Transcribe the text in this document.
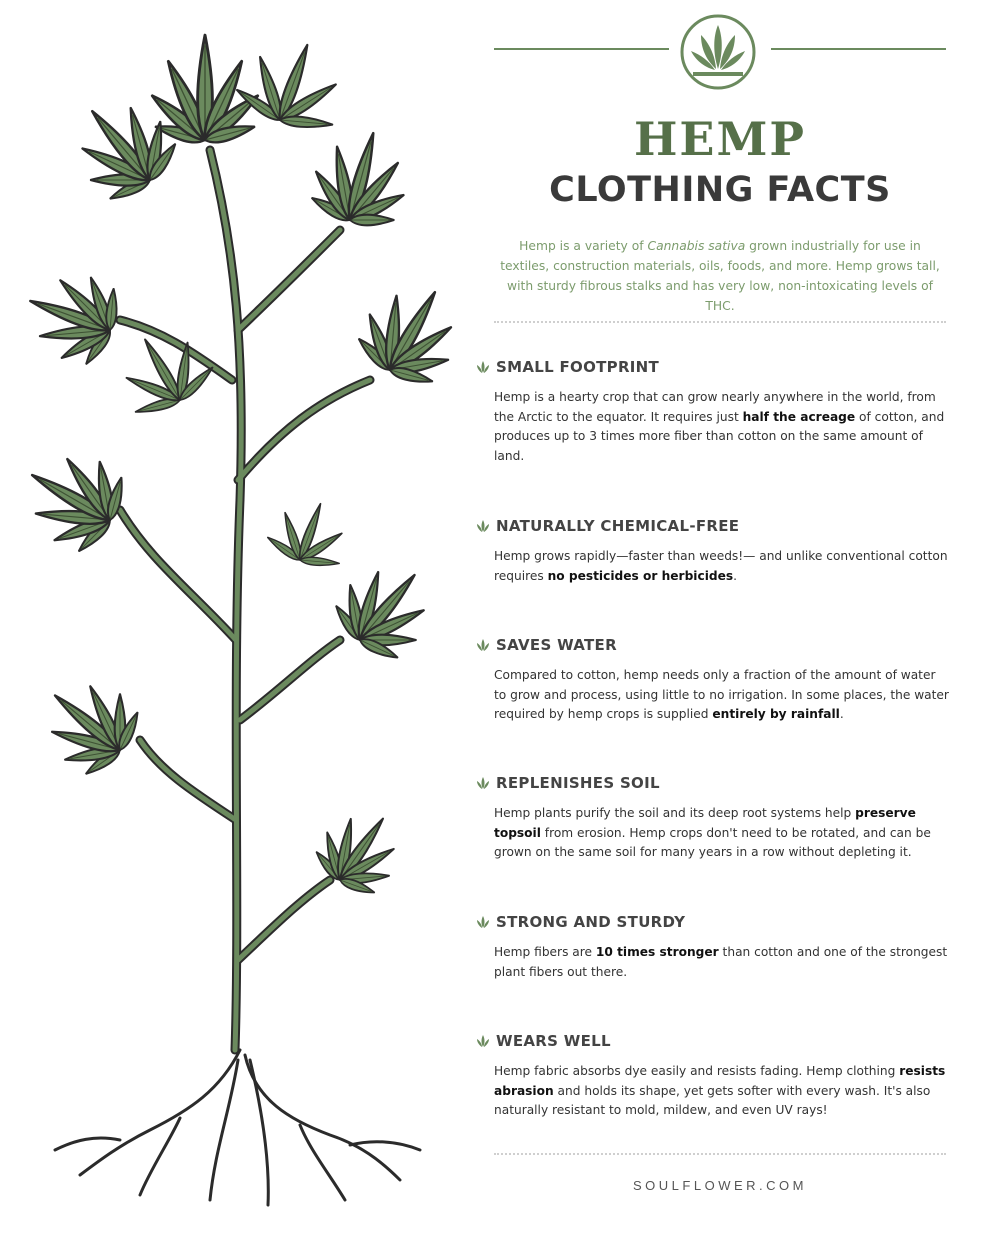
HEMP
CLOTHING FACTS
Hemp is a variety of Cannabis sativa grown industrially for use in textiles, construction materials, oils, foods, and more. Hemp grows tall, with sturdy fibrous stalks and has very low, non-intoxicating levels of THC.
SMALL FOOTPRINT
Hemp is a hearty crop that can grow nearly anywhere in the world, from the Arctic to the equator. It requires just half the acreage of cotton, and produces up to 3 times more fiber than cotton on the same amount of land.
NATURALLY CHEMICAL-FREE
Hemp grows rapidly—faster than weeds!— and unlike conventional cotton requires no pesticides or herbicides.
SAVES WATER
Compared to cotton, hemp needs only a fraction of the amount of water to grow and process, using little to no irrigation. In some places, the water required by hemp crops is supplied entirely by rainfall.
REPLENISHES SOIL
Hemp plants purify the soil and its deep root systems help preserve topsoil from erosion. Hemp crops don't need to be rotated, and can be grown on the same soil for many years in a row without depleting it.
STRONG AND STURDY
Hemp fibers are 10 times stronger than cotton and one of the strongest plant fibers out there.
WEARS WELL
Hemp fabric absorbs dye easily and resists fading. Hemp clothing resists abrasion and holds its shape, yet gets softer with every wash. It's also naturally resistant to mold, mildew, and even UV rays!
SOULFLOWER.COM
